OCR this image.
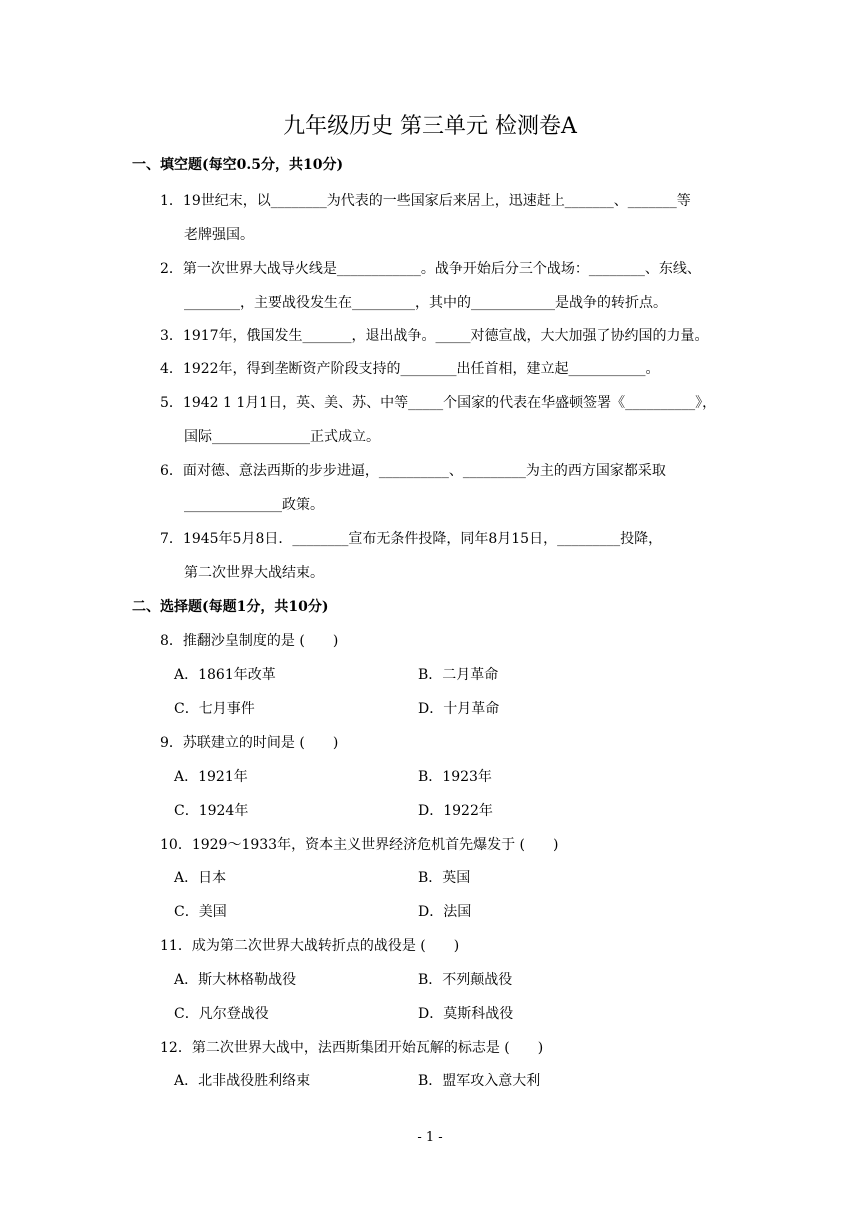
九年级历史 第三单元 检测卷A
一、填空题(每空0.5分，共10分)
1．19世纪末，以________为代表的一些国家后来居上，迅速赶上_______、_______等
老牌强国。
2．第一次世界大战导火线是____________。战争开始后分三个战场：________、东线、
________，主要战役发生在_________，其中的____________是战争的转折点。
3．1917年，俄国发生_______，退出战争。_____对德宣战，大大加强了协约国的力量。
4．1922年，得到垄断资产阶段支持的________出任首相，建立起___________。
5．1942 1 1月1日，英、美、苏、中等_____个国家的代表在华盛顿签署《__________》，
国际______________正式成立。
6．面对德、意法西斯的步步进逼，__________、_________为主的西方国家都采取
______________政策。
7．1945年5月8日．________宣布无条件投降，同年8月15日，_________投降，
第二次世界大战结束。
二、选择题(每题1分，共10分)
8．推翻沙皇制度的是 (　　)
A．1861年改革	B．二月革命
C．七月事件	D．十月革命
9．苏联建立的时间是 (　　)
A．1921年	B．1923年
C．1924年	D．1922年
10．1929～1933年，资本主义世界经济危机首先爆发于 (　　)
A．日本	B．英国
C．美国	D．法国
11．成为第二次世界大战转折点的战役是 (　　)
A．斯大林格勒战役	B．不列颠战役
C．凡尔登战役	D．莫斯科战役
12．第二次世界大战中，法西斯集团开始瓦解的标志是 (　　)
A．北非战役胜利络束	B．盟军攻入意大利
- 1 -
